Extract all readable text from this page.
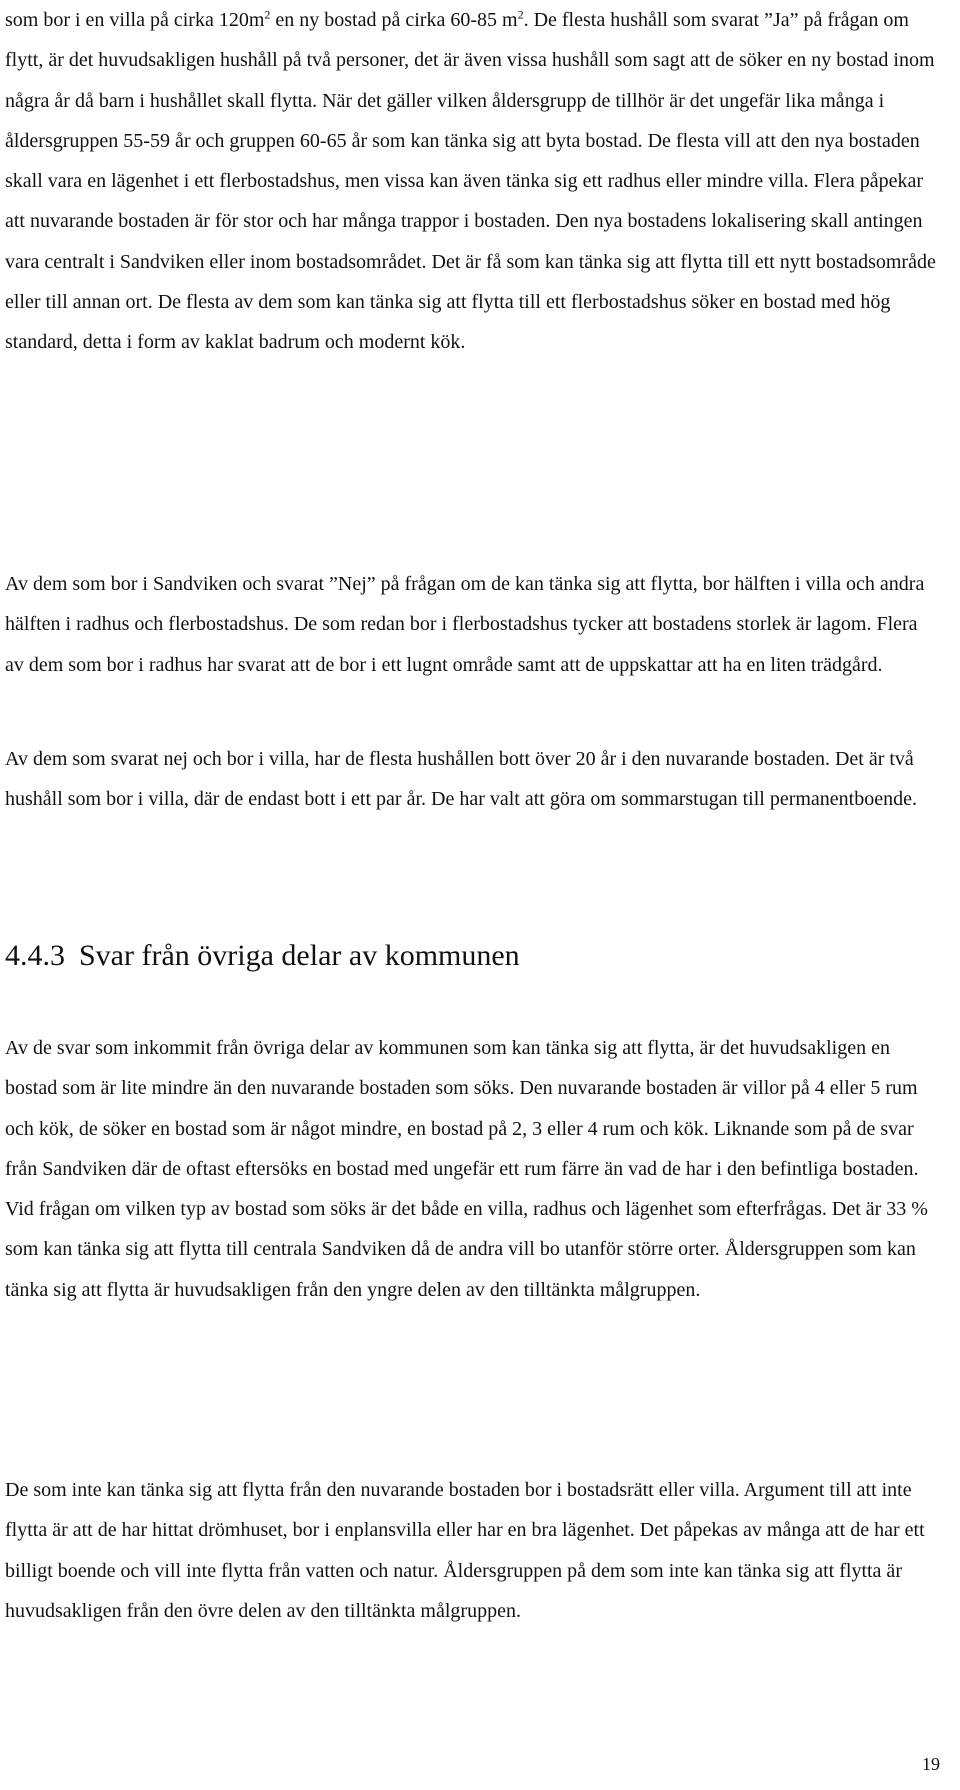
som bor i en villa på cirka $120m^2$ en ny bostad på cirka 60-85 $m^2$. De flesta hushåll som svarat ”Ja” på frågan om flytt, är det huvudsakligen hushåll på två personer, det är även vissa hushåll som sagt att de söker en ny bostad inom några år då barn i hushållet skall flytta. När det gäller vilken åldersgrupp de tillhör är det ungefär lika många i åldersgruppen 55-59 år och gruppen 60-65 år som kan tänka sig att byta bostad. De flesta vill att den nya bostaden skall vara en lägenhet i ett flerbostadshus, men vissa kan även tänka sig ett radhus eller mindre villa. Flera påpekar att nuvarande bostaden är för stor och har många trappor i bostaden. Den nya bostadens lokalisering skall antingen vara centralt i Sandviken eller inom bostadsområdet. Det är få som kan tänka sig att flytta till ett nytt bostadsområde eller till annan ort. De flesta av dem som kan tänka sig att flytta till ett flerbostadshus söker en bostad med hög standard, detta i form av kaklat badrum och modernt kök.

Av dem som bor i Sandviken och svarat ”Nej” på frågan om de kan tänka sig att flytta, bor hälften i villa och andra hälften i radhus och flerbostadshus. De som redan bor i flerbostadshus tycker att bostadens storlek är lagom. Flera av dem som bor i radhus har svarat att de bor i ett lugnt område samt att de uppskattar att ha en liten trädgård.

Av dem som svarat nej och bor i villa, har de flesta hushållen bott över 20 år i den nuvarande bostaden. Det är två hushåll som bor i villa, där de endast bott i ett par år. De har valt att göra om sommarstugan till permanentboende.

4.4.3 Svar från övriga delar av kommunen

Av de svar som inkommit från övriga delar av kommunen som kan tänka sig att flytta, är det huvudsakligen en bostad som är lite mindre än den nuvarande bostaden som söks. Den nuvarande bostaden är villor på 4 eller 5 rum och kök, de söker en bostad som är något mindre, en bostad på 2, 3 eller 4 rum och kök. Liknande som på de svar från Sandviken där de oftast eftersöks en bostad med ungefär ett rum färre än vad de har i den befintliga bostaden. Vid frågan om vilken typ av bostad som söks är det både en villa, radhus och lägenhet som efterfrågas. Det är 33 % som kan tänka sig att flytta till centrala Sandviken då de andra vill bo utanför större orter. Åldersgruppen som kan tänka sig att flytta är huvudsakligen från den yngre delen av den tilltänkta målgruppen.

De som inte kan tänka sig att flytta från den nuvarande bostaden bor i bostadsrätt eller villa. Argument till att inte flytta är att de har hittat drömhuset, bor i enplansvilla eller har en bra lägenhet. Det påpekas av många att de har ett billigt boende och vill inte flytta från vatten och natur. Åldersgruppen på dem som inte kan tänka sig att flytta är huvudsakligen från den övre delen av den tilltänkta målgruppen.

19
